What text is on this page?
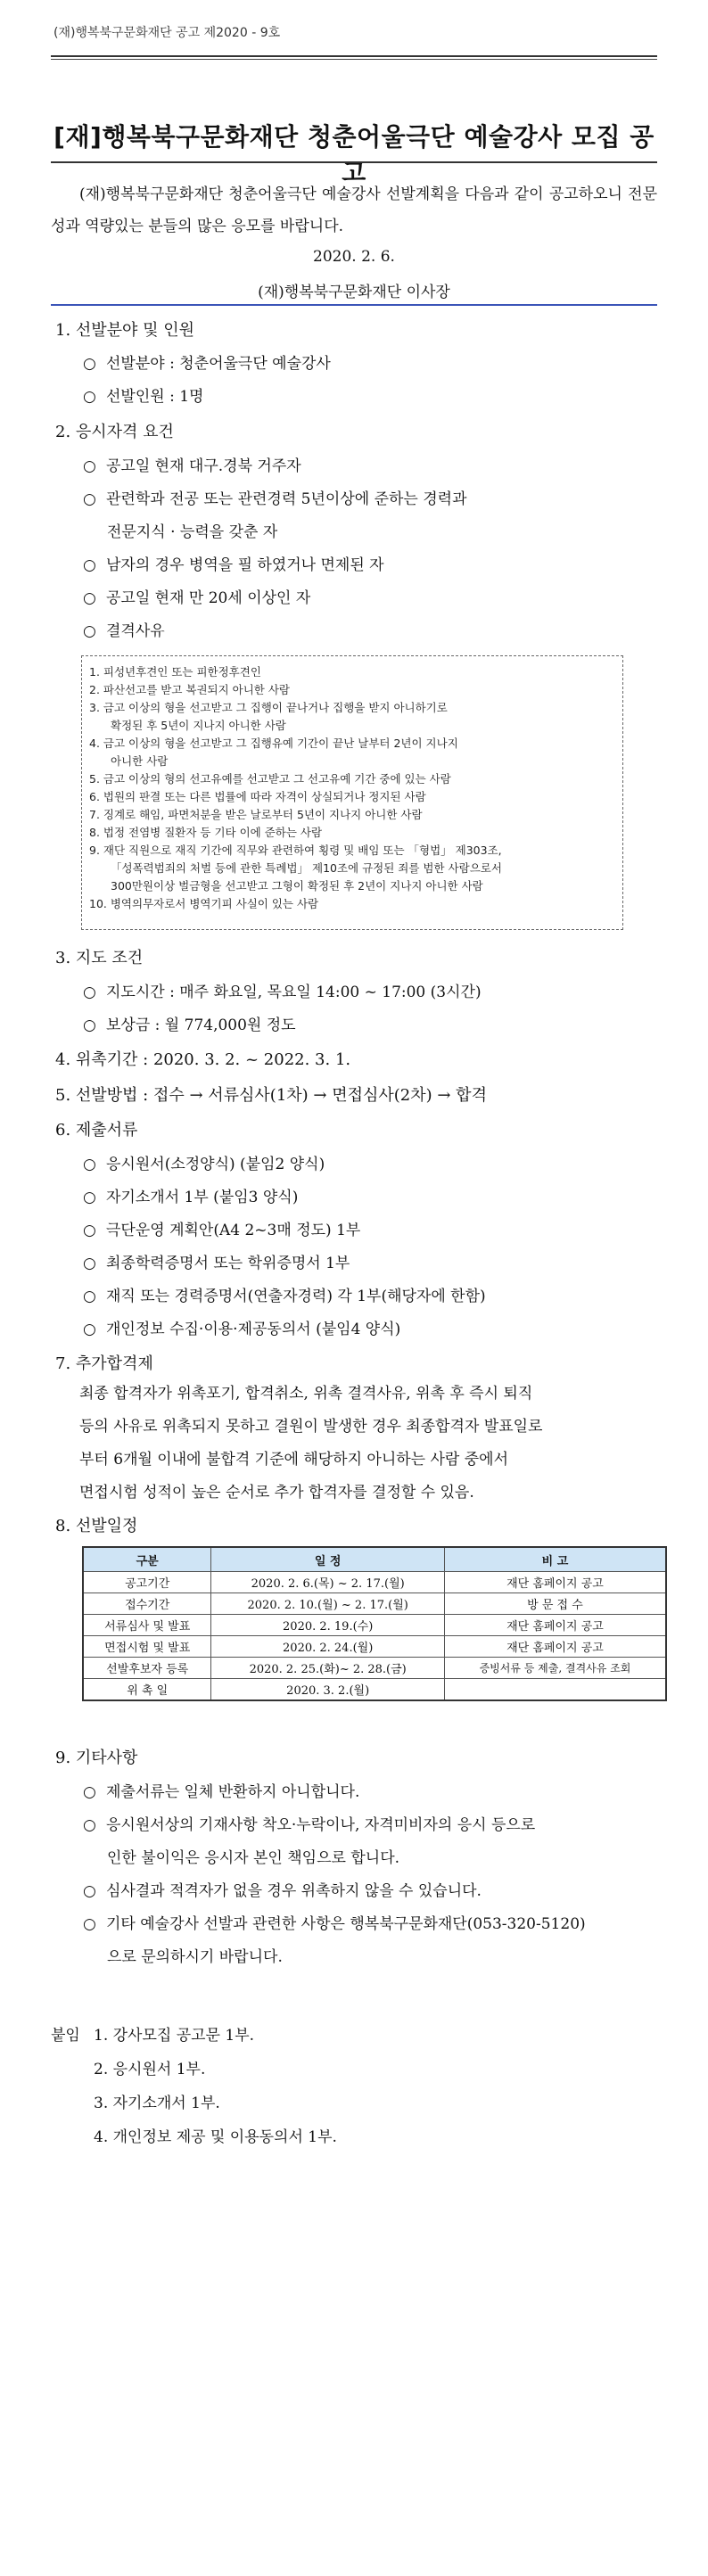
(재)행복북구문화재단 공고 제2020 - 9호
[재]행복북구문화재단 청춘어울극단 예술강사 모집 공고
(재)행복북구문화재단 청춘어울극단 예술강사 선발계획을 다음과 같이 공고하오니 전문성과 역량있는 분들의 많은 응모를 바랍니다.
2020. 2. 6.
(재)행복북구문화재단 이사장
1. 선발분야 및 인원
○ 선발분야 : 청춘어울극단 예술강사
○ 선발인원 : 1명
2. 응시자격 요건
○ 공고일 현재 대구.경북 거주자
○ 관련학과 전공 또는 관련경력 5년이상에 준하는 경력과
전문지식 · 능력을 갖춘 자
○ 남자의 경우 병역을 필 하였거나 면제된 자
○ 공고일 현재 만 20세 이상인 자
○ 결격사유
1. 피성년후견인 또는 피한정후견인
2. 파산선고를 받고 복권되지 아니한 사람
3. 금고 이상의 형을 선고받고 그 집행이 끝나거나 집행을 받지 아니하기로
확정된 후 5년이 지나지 아니한 사람
4. 금고 이상의 형을 선고받고 그 집행유예 기간이 끝난 날부터 2년이 지나지
아니한 사람
5. 금고 이상의 형의 선고유예를 선고받고 그 선고유예 기간 중에 있는 사람
6. 법원의 판결 또는 다른 법률에 따라 자격이 상실되거나 정지된 사람
7. 징계로 해임, 파면처분을 받은 날로부터 5년이 지나지 아니한 사람
8. 법정 전염병 질환자 등 기타 이에 준하는 사람
9. 재단 직원으로 재직 기간에 직무와 관련하여 횡령 및 배임 또는 「형법」 제303조,
「성폭력범죄의 처벌 등에 관한 특례법」 제10조에 규정된 죄를 범한 사람으로서
300만원이상 벌금형을 선고받고 그형이 확정된 후 2년이 지나지 아니한 사람
10. 병역의무자로서 병역기피 사실이 있는 사람
3. 지도 조건
○ 지도시간 : 매주 화요일, 목요일 14:00 ~ 17:00 (3시간)
○ 보상금 : 월 774,000원 정도
4. 위촉기간 : 2020. 3. 2. ~ 2022. 3. 1.
5. 선발방법 : 접수 → 서류심사(1차) → 면접심사(2차) → 합격
6. 제출서류
○ 응시원서(소정양식) (붙임2 양식)
○ 자기소개서 1부 (붙임3 양식)
○ 극단운영 계획안(A4 2~3매 정도) 1부
○ 최종학력증명서 또는 학위증명서 1부
○ 재직 또는 경력증명서(연출자경력) 각 1부(해당자에 한함)
○ 개인정보 수집·이용·제공동의서 (붙임4 양식)
7. 추가합격제
최종 합격자가 위촉포기, 합격취소, 위촉 결격사유, 위촉 후 즉시 퇴직
등의 사유로 위촉되지 못하고 결원이 발생한 경우 최종합격자 발표일로
부터 6개월 이내에 불합격 기준에 해당하지 아니하는 사람 중에서
면접시험 성적이 높은 순서로 추가 합격자를 결정할 수 있음.
8. 선발일정
구분	일 정	비 고
공고기간	2020. 2. 6.(목) ~ 2. 17.(월)	재단 홈페이지 공고
접수기간	2020. 2. 10.(월) ~ 2. 17.(월)	방 문 접 수
서류심사 및 발표	2020. 2. 19.(수)	재단 홈페이지 공고
면접시험 및 발표	2020. 2. 24.(월)	재단 홈페이지 공고
선발후보자 등록	2020. 2. 25.(화)~ 2. 28.(금)	증빙서류 등 제출, 결격사유 조회
위 촉 일	2020. 3. 2.(월)	
9. 기타사항
○ 제출서류는 일체 반환하지 아니합니다.
○ 응시원서상의 기재사항 착오·누락이나, 자격미비자의 응시 등으로
인한 불이익은 응시자 본인 책임으로 합니다.
○ 심사결과 적격자가 없을 경우 위촉하지 않을 수 있습니다.
○ 기타 예술강사 선발과 관련한 사항은 행복북구문화재단(053-320-5120)
으로 문의하시기 바랍니다.
붙임 1. 강사모집 공고문 1부.
2. 응시원서 1부.
3. 자기소개서 1부.
4. 개인정보 제공 및 이용동의서 1부.
